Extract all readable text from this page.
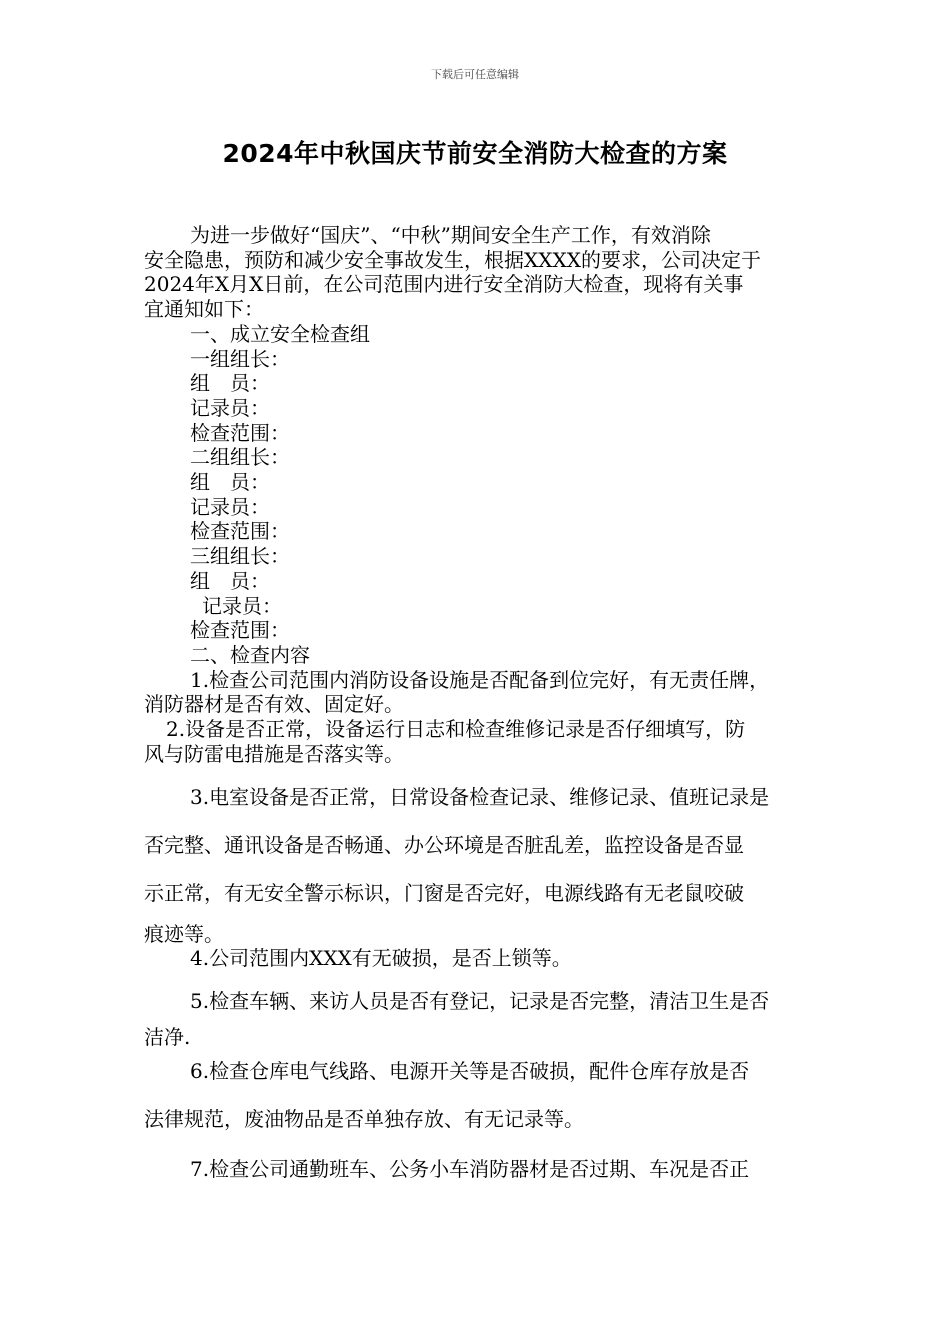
下载后可任意编辑
2024年中秋国庆节前安全消防大检查的方案
为进一步做好“国庆”、“中秋”期间安全生产工作，有效消除
安全隐患，预防和减少安全事故发生，根据XXXX的要求，公司决定于
2024年X月X日前，在公司范围内进行安全消防大检查，现将有关事
宜通知如下：
一、成立安全检查组
一组组长：
组　员：
记录员：
检查范围：
二组组长：
组　员：
记录员：
检查范围：
三组组长：
组　员：
记录员：
检查范围：
二、检查内容
1.检查公司范围内消防设备设施是否配备到位完好，有无责任牌，
消防器材是否有效、固定好。
2.设备是否正常，设备运行日志和检查维修记录是否仔细填写，防
风与防雷电措施是否落实等。
3.电室设备是否正常，日常设备检查记录、维修记录、值班记录是
否完整、通讯设备是否畅通、办公环境是否脏乱差，监控设备是否显
示正常，有无安全警示标识，门窗是否完好，电源线路有无老鼠咬破
痕迹等。
4.公司范围内XXX有无破损，是否上锁等。
5.检查车辆、来访人员是否有登记，记录是否完整，清洁卫生是否
洁净.
6.检查仓库电气线路、电源开关等是否破损，配件仓库存放是否
法律规范，废油物品是否单独存放、有无记录等。
7.检查公司通勤班车、公务小车消防器材是否过期、车况是否正
